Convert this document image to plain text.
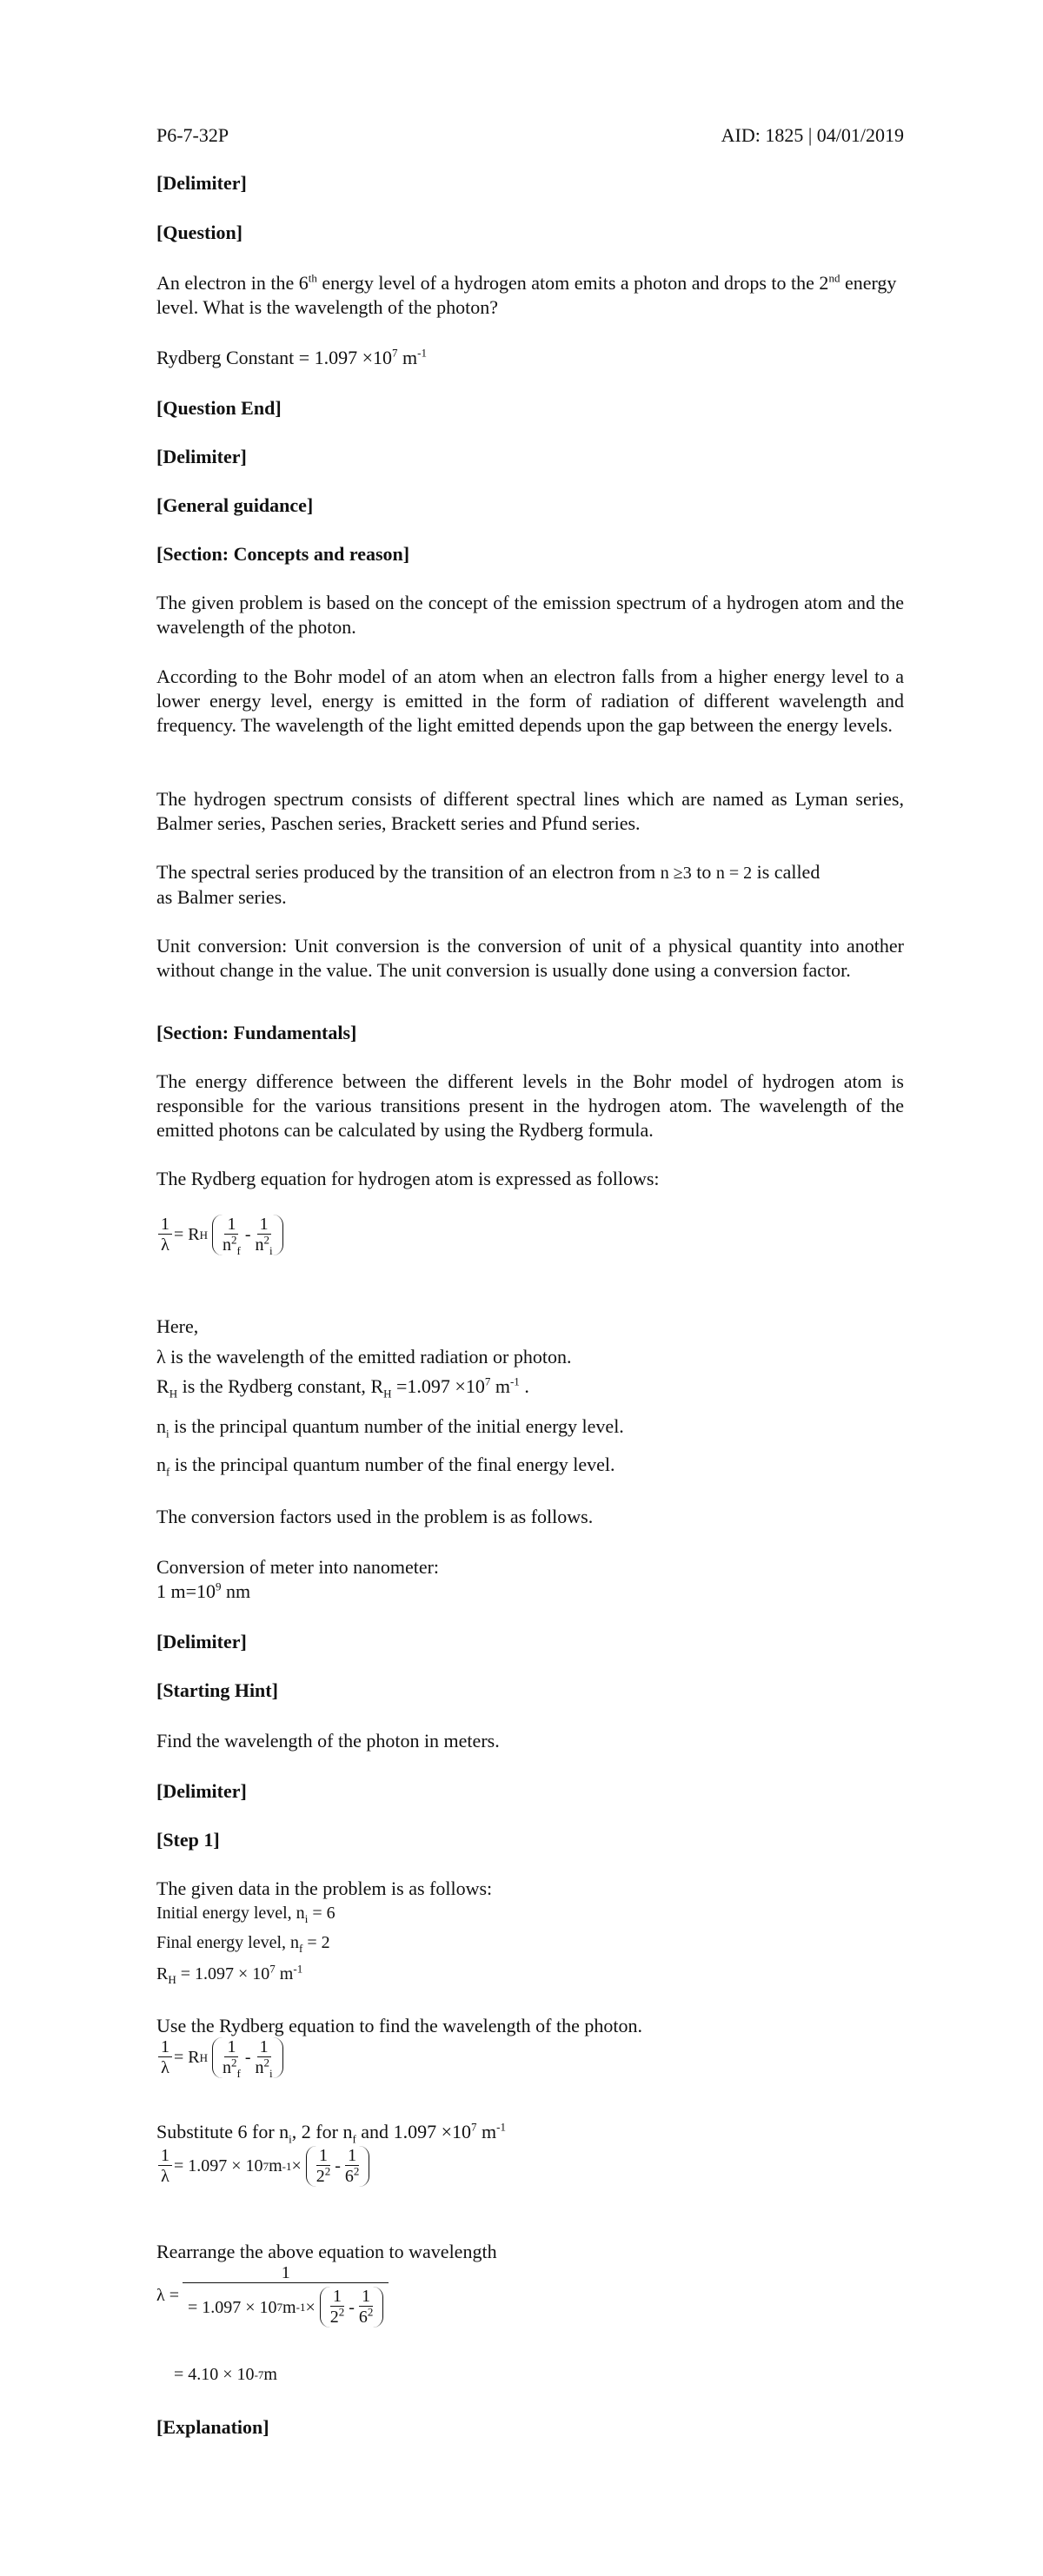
P6-7-32P	AID: 1825 | 04/01/2019
[Delimiter]
[Question]
An electron in the 6th energy level of a hydrogen atom emits a photon and drops to the 2nd energy level. What is the wavelength of the photon?
Rydberg Constant = $1.097 \times 10^7$ $m^{-1}$
[Question End]
[Delimiter]
[General guidance]
[Section: Concepts and reason]
The given problem is based on the concept of the emission spectrum of a hydrogen atom and the wavelength of the photon.
According to the Bohr model of an atom when an electron falls from a higher energy level to a lower energy level, energy is emitted in the form of radiation of different wavelength and frequency. The wavelength of the light emitted depends upon the gap between the energy levels.
The hydrogen spectrum consists of different spectral lines which are named as Lyman series, Balmer series, Paschen series, Brackett series and Pfund series.
The spectral series produced by the transition of an electron from n ≥3 to n = 2 is called
as Balmer series.
Unit conversion: Unit conversion is the conversion of unit of a physical quantity into another without change in the value. The unit conversion is usually done using a conversion factor.
[Section: Fundamentals]
The energy difference between the different levels in the Bohr model of hydrogen atom is responsible for the various transitions present in the hydrogen atom. The wavelength of the emitted photons can be calculated by using the Rydberg formula.
The Rydberg equation for hydrogen atom is expressed as follows:
$\frac{1}{\lambda} = R$ H
$\frac{1}{n^2_f} - \frac{1}{n^2_i}$
Here,
λ is the wavelength of the emitted radiation or photon.
$R_H$ is the Rydberg constant, $R_H =1.097 \times 10^7$ $m^{-1}$ .
$n_i$ is the principal quantum number of the initial energy level.
$n_f$ is the principal quantum number of the final energy level.
The conversion factors used in the problem is as follows.
Conversion of meter into nanometer:
1 $m=10^9$ nm
[Delimiter]
[Starting Hint]
Find the wavelength of the photon in meters.
[Delimiter]
[Step 1]
The given data in the problem is as follows:
Initial energy level, $n_i = 6$
Final energy level, $n_f = 2$
$R_H = 1.097 \times 10^7$ $m^{-1}$
Use the Rydberg equation to find the wavelength of the photon.
$\frac{1}{\lambda} = R$ H
$\frac{1}{n^2_f} - \frac{1}{n^2_i}$
Substitute 6 for $n_i$, 2 for $n_f$ and $1.097 \times 10^7$ $m^{-1}$
$\frac{1}{\lambda} = 1.097 \times 10$ 7 m -1 ×
$\frac{1}{2^2} - \frac{1}{6^2}$
Rearrange the above equation to wavelength
λ =

1
= 1.097 × 10 7 m -1 ×
$\frac{1}{2^2} - \frac{1}{6^2}$
= 4.10 × 10 -7 m
[Explanation]
